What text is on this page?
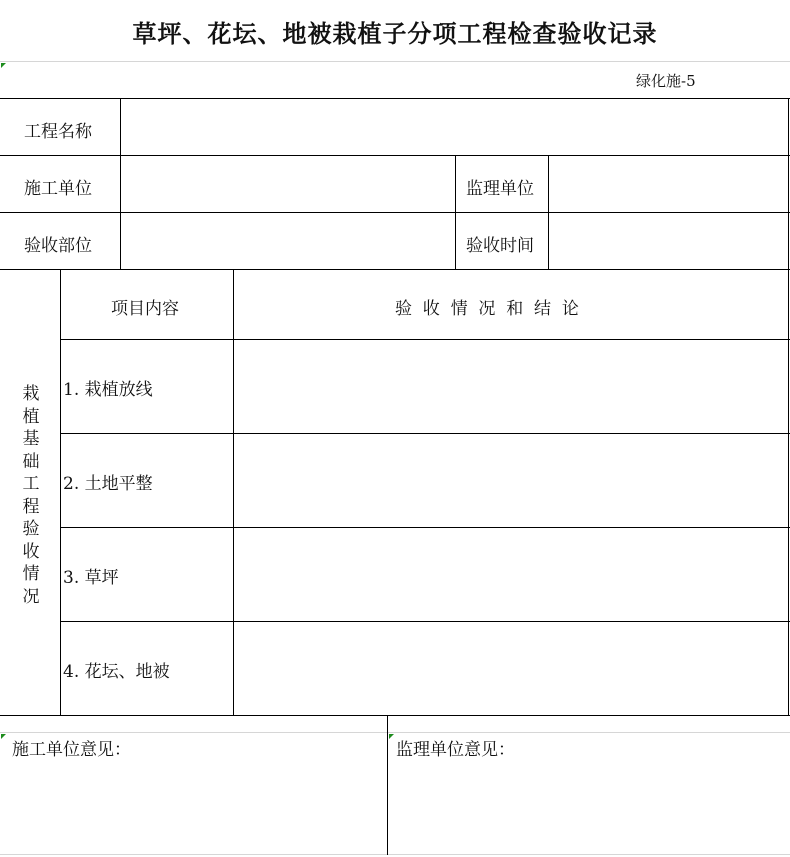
草坪、花坛、地被栽植子分项工程检查验收记录
绿化施-5
工程名称
施工单位	监理单位
验收部位	验收时间
栽
植
基
础
工
程
验
收
情
况
项目内容	验  收  情  况  和  结  论
1. 栽植放线
2. 土地平整
3. 草坪
4. 花坛、地被
施工单位意见：	监理单位意见：
